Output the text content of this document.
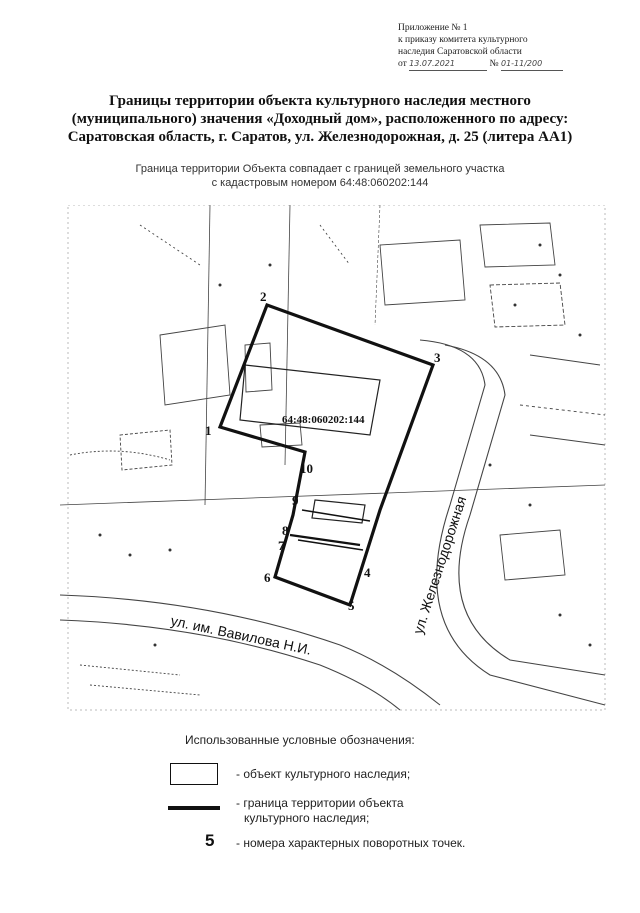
Приложение № 1
к приказу комитета культурного
наследия Саратовской области
от 13.07.2021	№ 01-11/200
Границы территории объекта культурного наследия местного
(муниципального) значения «Доходный дом», расположенного по адресу:
Саратовская область, г. Саратов, ул. Железнодорожная, д. 25 (литера АА1)
Граница территории Объекта совпадает с границей земельного участка
с кадастровым номером 64:48:060202:144
64:48:060202:144
1
2
3
4
5
6
7
8
9
10
ул. им. Вавилова Н.И.	ул. Железнодорожная
Использованные условные обозначения:
- объект культурного наследия;
- граница территории объекта
культурного наследия;
5 - номера характерных поворотных точек.
